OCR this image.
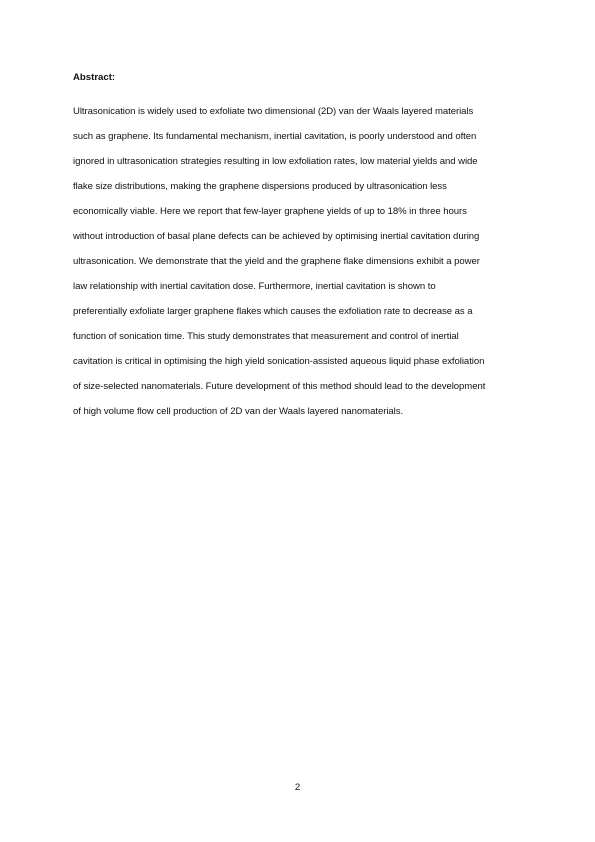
Abstract:
Ultrasonication is widely used to exfoliate two dimensional (2D) van der Waals layered materials
such as graphene. Its fundamental mechanism, inertial cavitation, is poorly understood and often
ignored in ultrasonication strategies resulting in low exfoliation rates, low material yields and wide
flake size distributions, making the graphene dispersions produced by ultrasonication less
economically viable. Here we report that few-layer graphene yields of up to 18% in three hours
without introduction of basal plane defects can be achieved by optimising inertial cavitation during
ultrasonication. We demonstrate that the yield and the graphene flake dimensions exhibit a power
law relationship with inertial cavitation dose. Furthermore, inertial cavitation is shown to
preferentially exfoliate larger graphene flakes which causes the exfoliation rate to decrease as a
function of sonication time. This study demonstrates that measurement and control of inertial
cavitation is critical in optimising the high yield sonication-assisted aqueous liquid phase exfoliation
of size-selected nanomaterials. Future development of this method should lead to the development
of high volume flow cell production of 2D van der Waals layered nanomaterials.
2
